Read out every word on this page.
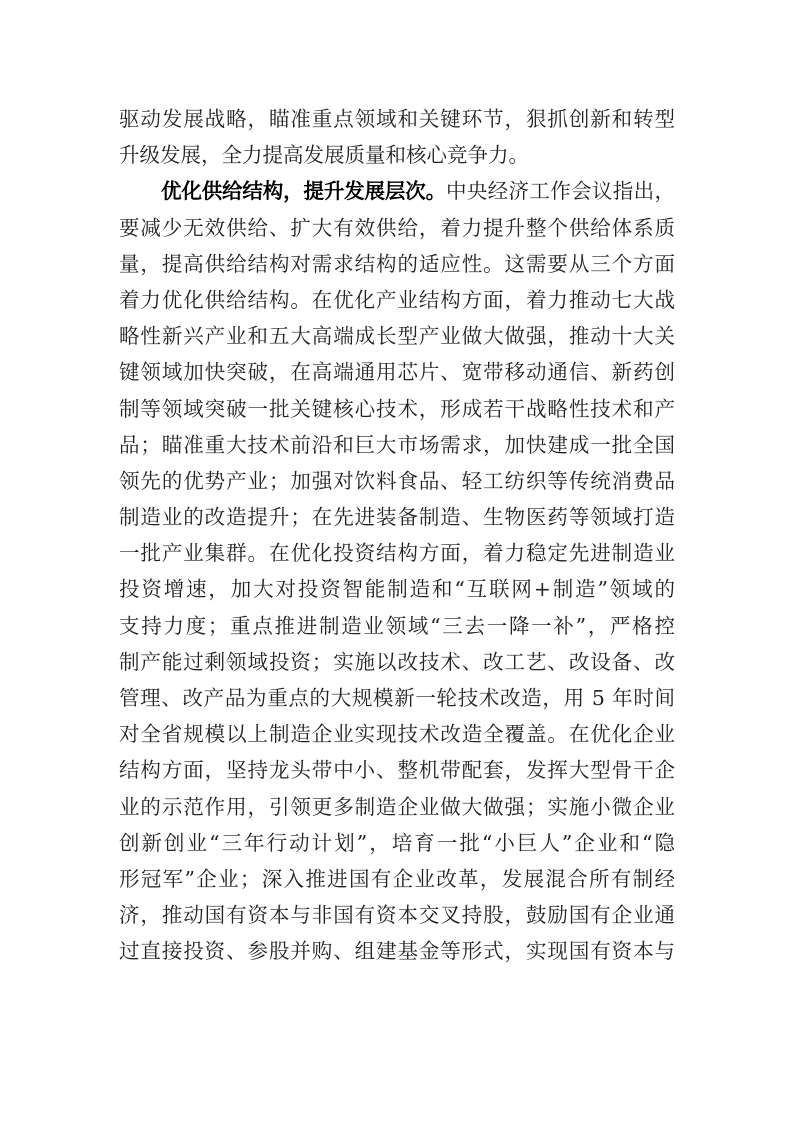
驱动发展战略，瞄准重点领域和关键环节，狠抓创新和转型
升级发展，全力提高发展质量和核心竞争力。
优化供给结构，提升发展层次。中央经济工作会议指出，
要减少无效供给、扩大有效供给，着力提升整个供给体系质
量，提高供给结构对需求结构的适应性。这需要从三个方面
着力优化供给结构。在优化产业结构方面，着力推动七大战
略性新兴产业和五大高端成长型产业做大做强，推动十大关
键领域加快突破，在高端通用芯片、宽带移动通信、新药创
制等领域突破一批关键核心技术，形成若干战略性技术和产
品；瞄准重大技术前沿和巨大市场需求，加快建成一批全国
领先的优势产业；加强对饮料食品、轻工纺织等传统消费品
制造业的改造提升；在先进装备制造、生物医药等领域打造
一批产业集群。在优化投资结构方面，着力稳定先进制造业
投资增速，加大对投资智能制造和“互联网+制造”领域的
支持力度；重点推进制造业领域“三去一降一补”，严格控
制产能过剩领域投资；实施以改技术、改工艺、改设备、改
管理、改产品为重点的大规模新一轮技术改造，用 5 年时间
对全省规模以上制造企业实现技术改造全覆盖。在优化企业
结构方面，坚持龙头带中小、整机带配套，发挥大型骨干企
业的示范作用，引领更多制造企业做大做强；实施小微企业
创新创业“三年行动计划”，培育一批“小巨人”企业和“隐
形冠军”企业；深入推进国有企业改革，发展混合所有制经
济，推动国有资本与非国有资本交叉持股，鼓励国有企业通
过直接投资、参股并购、组建基金等形式，实现国有资本与
